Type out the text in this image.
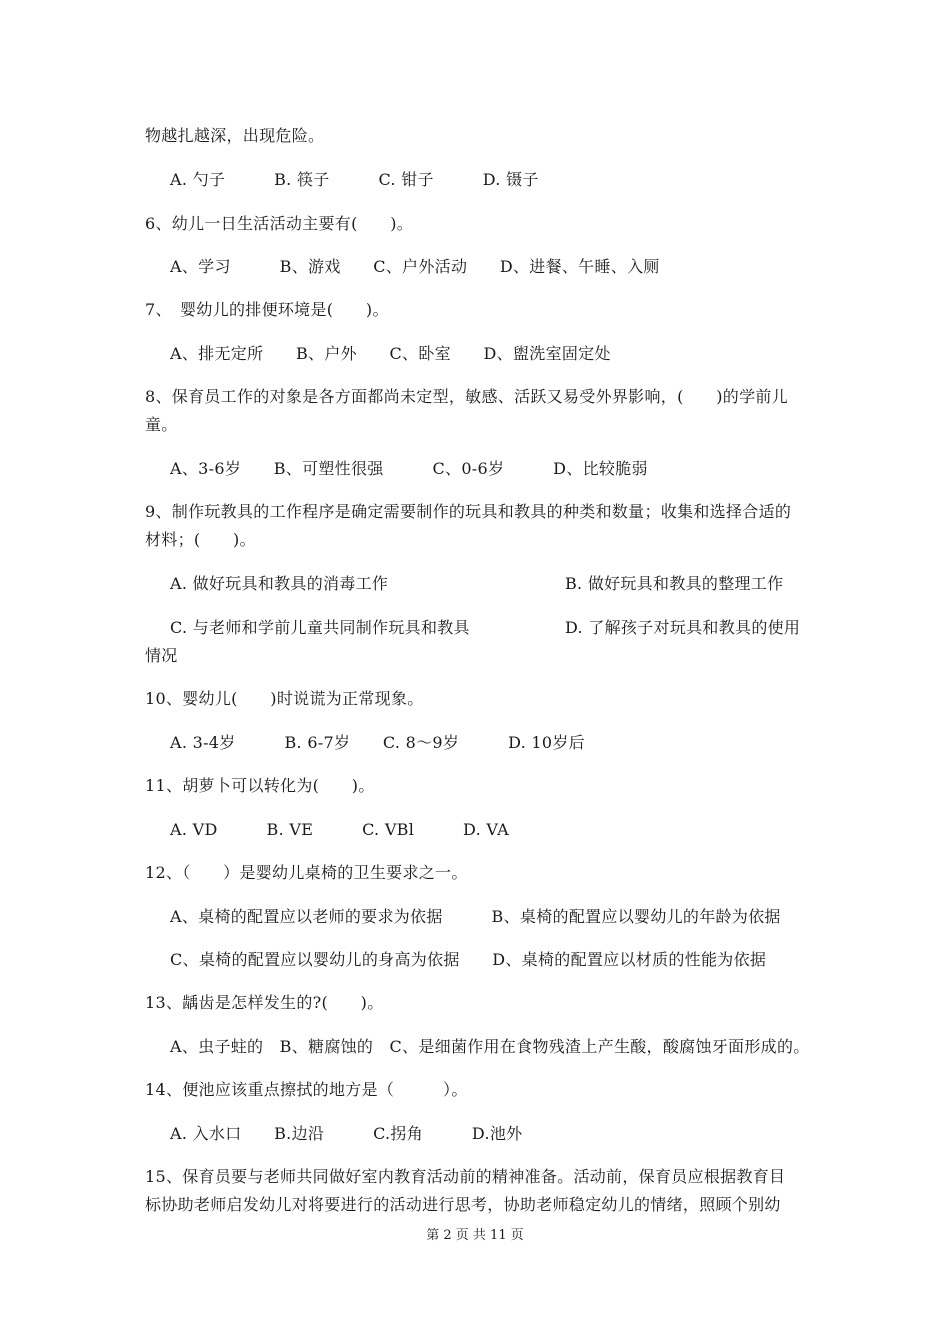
物越扎越深，出现危险。
A. 勺子　　　B. 筷子　　　C. 钳子　　　D. 镊子
6、幼儿一日生活活动主要有(　　)。
A、学习　　　B、游戏　　C、户外活动　　D、进餐、午睡、入厕
7、　婴幼儿的排便环境是(　　)。
A、排无定所　　B、户外　　C、卧室　　D、盥洗室固定处
8、保育员工作的对象是各方面都尚未定型，敏感、活跃又易受外界影响，(　　)的学前儿
童。
A、3-6岁　　B、可塑性很强　　　C、0-6岁　　　D、比较脆弱
9、制作玩教具的工作程序是确定需要制作的玩具和教具的种类和数量；收集和选择合适的
材料；(　　)。
A. 做好玩具和教具的消毒工作	B. 做好玩具和教具的整理工作
C. 与老师和学前儿童共同制作玩具和教具	D. 了解孩子对玩具和教具的使用
情况
10、婴幼儿(　　)时说谎为正常现象。
A. 3-4岁　　　B. 6-7岁　　C. 8～9岁　　　D. 10岁后
11、胡萝卜可以转化为(　　)。
A. VD　　　B. VE　　　C. VBl　　　D. VA
12、（　　）是婴幼儿桌椅的卫生要求之一。
A、桌椅的配置应以老师的要求为依据　　　B、桌椅的配置应以婴幼儿的年龄为依据
C、桌椅的配置应以婴幼儿的身高为依据　　D、桌椅的配置应以材质的性能为依据
13、龋齿是怎样发生的?(　　)。
A、虫子蛀的　B、糖腐蚀的　C、是细菌作用在食物残渣上产生酸，酸腐蚀牙面形成的。
14、便池应该重点擦拭的地方是（　　　）。
A. 入水口　　B.边沿　　　C.拐角　　　D.池外
15、保育员要与老师共同做好室内教育活动前的精神准备。活动前，保育员应根据教育目
标协助老师启发幼儿对将要进行的活动进行思考，协助老师稳定幼儿的情绪，照顾个别幼
第 2 页 共 11 页
